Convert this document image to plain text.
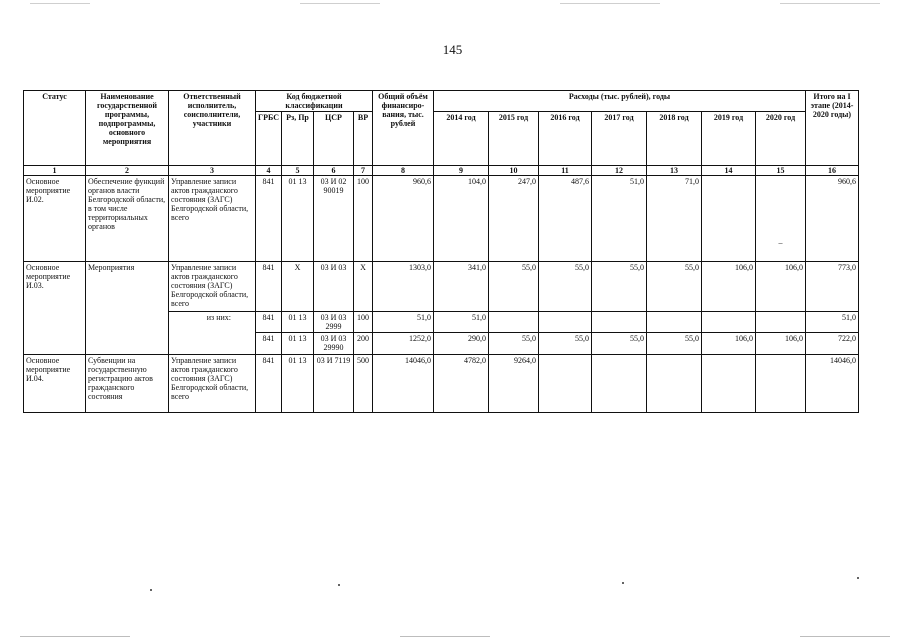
145
Статус	Наименование государственной программы, подпрограммы, основного мероприятия	Ответственный исполнитель, соисполнители, участники	Код бюджетной классификации				Общий объём финансиро-вания, тыс. рублей	Расходы (тыс. рублей), годы							Итого на I этапе (2014-2020 годы)
			ГРБС	Рз, Пр	ЦСР	ВР		2014 год	2015 год	2016 год	2017 год	2018 год	2019 год	2020 год	
1	2	3	4	5	6	7	8	9	10	11	12	13	14	15	16
Основное мероприятие И.02.	Обеспечение функций органов власти Белгородской области, в том числе территориальных органов	Управление записи актов гражданского состояния (ЗАГС) Белгородской области, всего	841	01 13	03 И 02 90019	100	960,6	104,0	247,0	487,6	51,0	71,0		–	960,6
Основное мероприятие И.03.	Мероприятия	Управление записи актов гражданского состояния (ЗАГС) Белгородской области, всего	841	Х	03 И 03	Х	1303,0	341,0	55,0	55,0	55,0	55,0	106,0	106,0	773,0
		из них:	841	01 13	03 И 03 2999	100	51,0	51,0							51,0
			841	01 13	03 И 03 29990	200	1252,0	290,0	55,0	55,0	55,0	55,0	106,0	106,0	722,0
Основное мероприятие И.04.	Субвенции на государственную регистрацию актов гражданского состояния	Управление записи актов гражданского состояния (ЗАГС) Белгородской области, всего	841	01 13	03 И 7119	500	14046,0	4782,0	9264,0						14046,0
